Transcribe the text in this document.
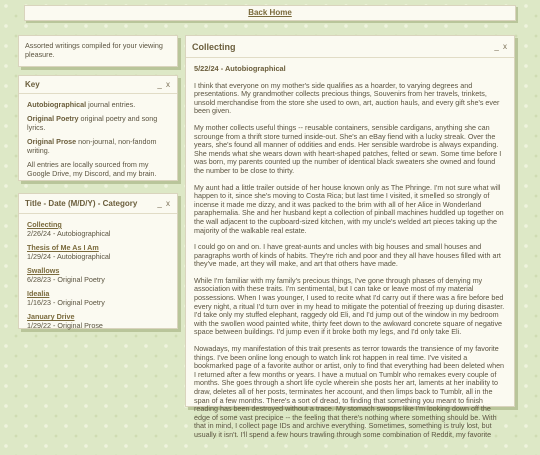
Back Home
Assorted writings compiled for your viewing pleasure.
Key	_ x

Autobiographical journal entries.

Original Poetry original poetry and song lyrics.

Original Prose non-journal, non-fandom writing.

All entries are locally sourced from my Google Drive, my Discord, and my brain.

Title - Date (M/D/Y) - Category	_ x
Collecting
2/26/24 - Autobiographical
Thesis of Me As I Am
1/29/24 - Autobiographical
Swallows
6/28/23 - Original Poetry
Idealia
1/16/23 - Original Poetry
January Drive
1/29/22 - Original Prose
Collecting	_ x
5/22/24 - Autobiographical

I think that everyone on my mother's side qualifies as a hoarder, to varying degrees and presentations. My grandmother collects precious things, Souvenirs from her travels, trinkets, unsold merchandise from the store she used to own, art, auction hauls, and every gift she's ever been given.

My mother collects useful things -- reusable containers, sensible cardigans, anything she can scrounge from a thrift store turned inside-out. She's an eBay fiend with a lucky streak. Over the years, she's found all manner of oddities and ends. Her sensible wardrobe is always expanding. She mends what she wears down with heart-shaped patches, felted or sewn. Some time before I was born, my parents counted up the number of identical black sweaters she owned and found the number to be close to thirty.

My aunt had a little trailer outside of her house known only as The Phringe. I'm not sure what will happen to it, since she's moving to Costa Rica; but last time I visited, it smelled so strongly of incense it made me dizzy, and it was packed to the brim with all of her Alice in Wonderland paraphernalia. She and her husband kept a collection of pinball machines huddled up together on the wall adjacent to the cupboard-sized kitchen, with my uncle's welded art pieces taking up the majority of the walkable real estate.

I could go on and on. I have great-aunts and uncles with big houses and small houses and paragraphs worth of kinds of habits. They're rich and poor and they all have houses filled with art they've made, art they will make, and art that others have made.

While I'm familiar with my family's precious things, I've gone through phases of denying my association with these traits. I'm sentimental, but I can take or leave most of my material possessions. When I was younger, I used to recite what I'd carry out if there was a fire before bed every night, a ritual I'd turn over in my head to mitigate the potential of freezing up during disaster. I'd take only my stuffed elephant, raggedy old Eli, and I'd jump out of the window in my bedroom with the swollen wood painted white, thirty feet down to the awkward concrete square of negative space between buildings. I'd jump even if it broke both my legs, and I'd only take Eli.

Nowadays, my manifestation of this trait presents as terror towards the transience of my favorite things. I've been online long enough to watch link rot happen in real time. I've visited a bookmarked page of a favorite author or artist, only to find that everything had been deleted when I returned after a few months or years. I have a mutual on Tumblr who remakes every couple of months. She goes through a short life cycle wherein she posts her art, laments at her inability to draw, deletes all of her posts, terminates her account, and then limps back to Tumblr, all in the span of a few months. There's a sort of dread, to finding that something you meant to finish reading has been destroyed without a trace. My stomach swoops like I'm looking down off the edge of some vast precipice -- the feeling that there's nothing where something should be. With that in mind, I collect page IDs and archive everything. Sometimes, something is truly lost, but usually it isn't. I'll spend a few hours trawling through some combination of Reddit, my favorite
